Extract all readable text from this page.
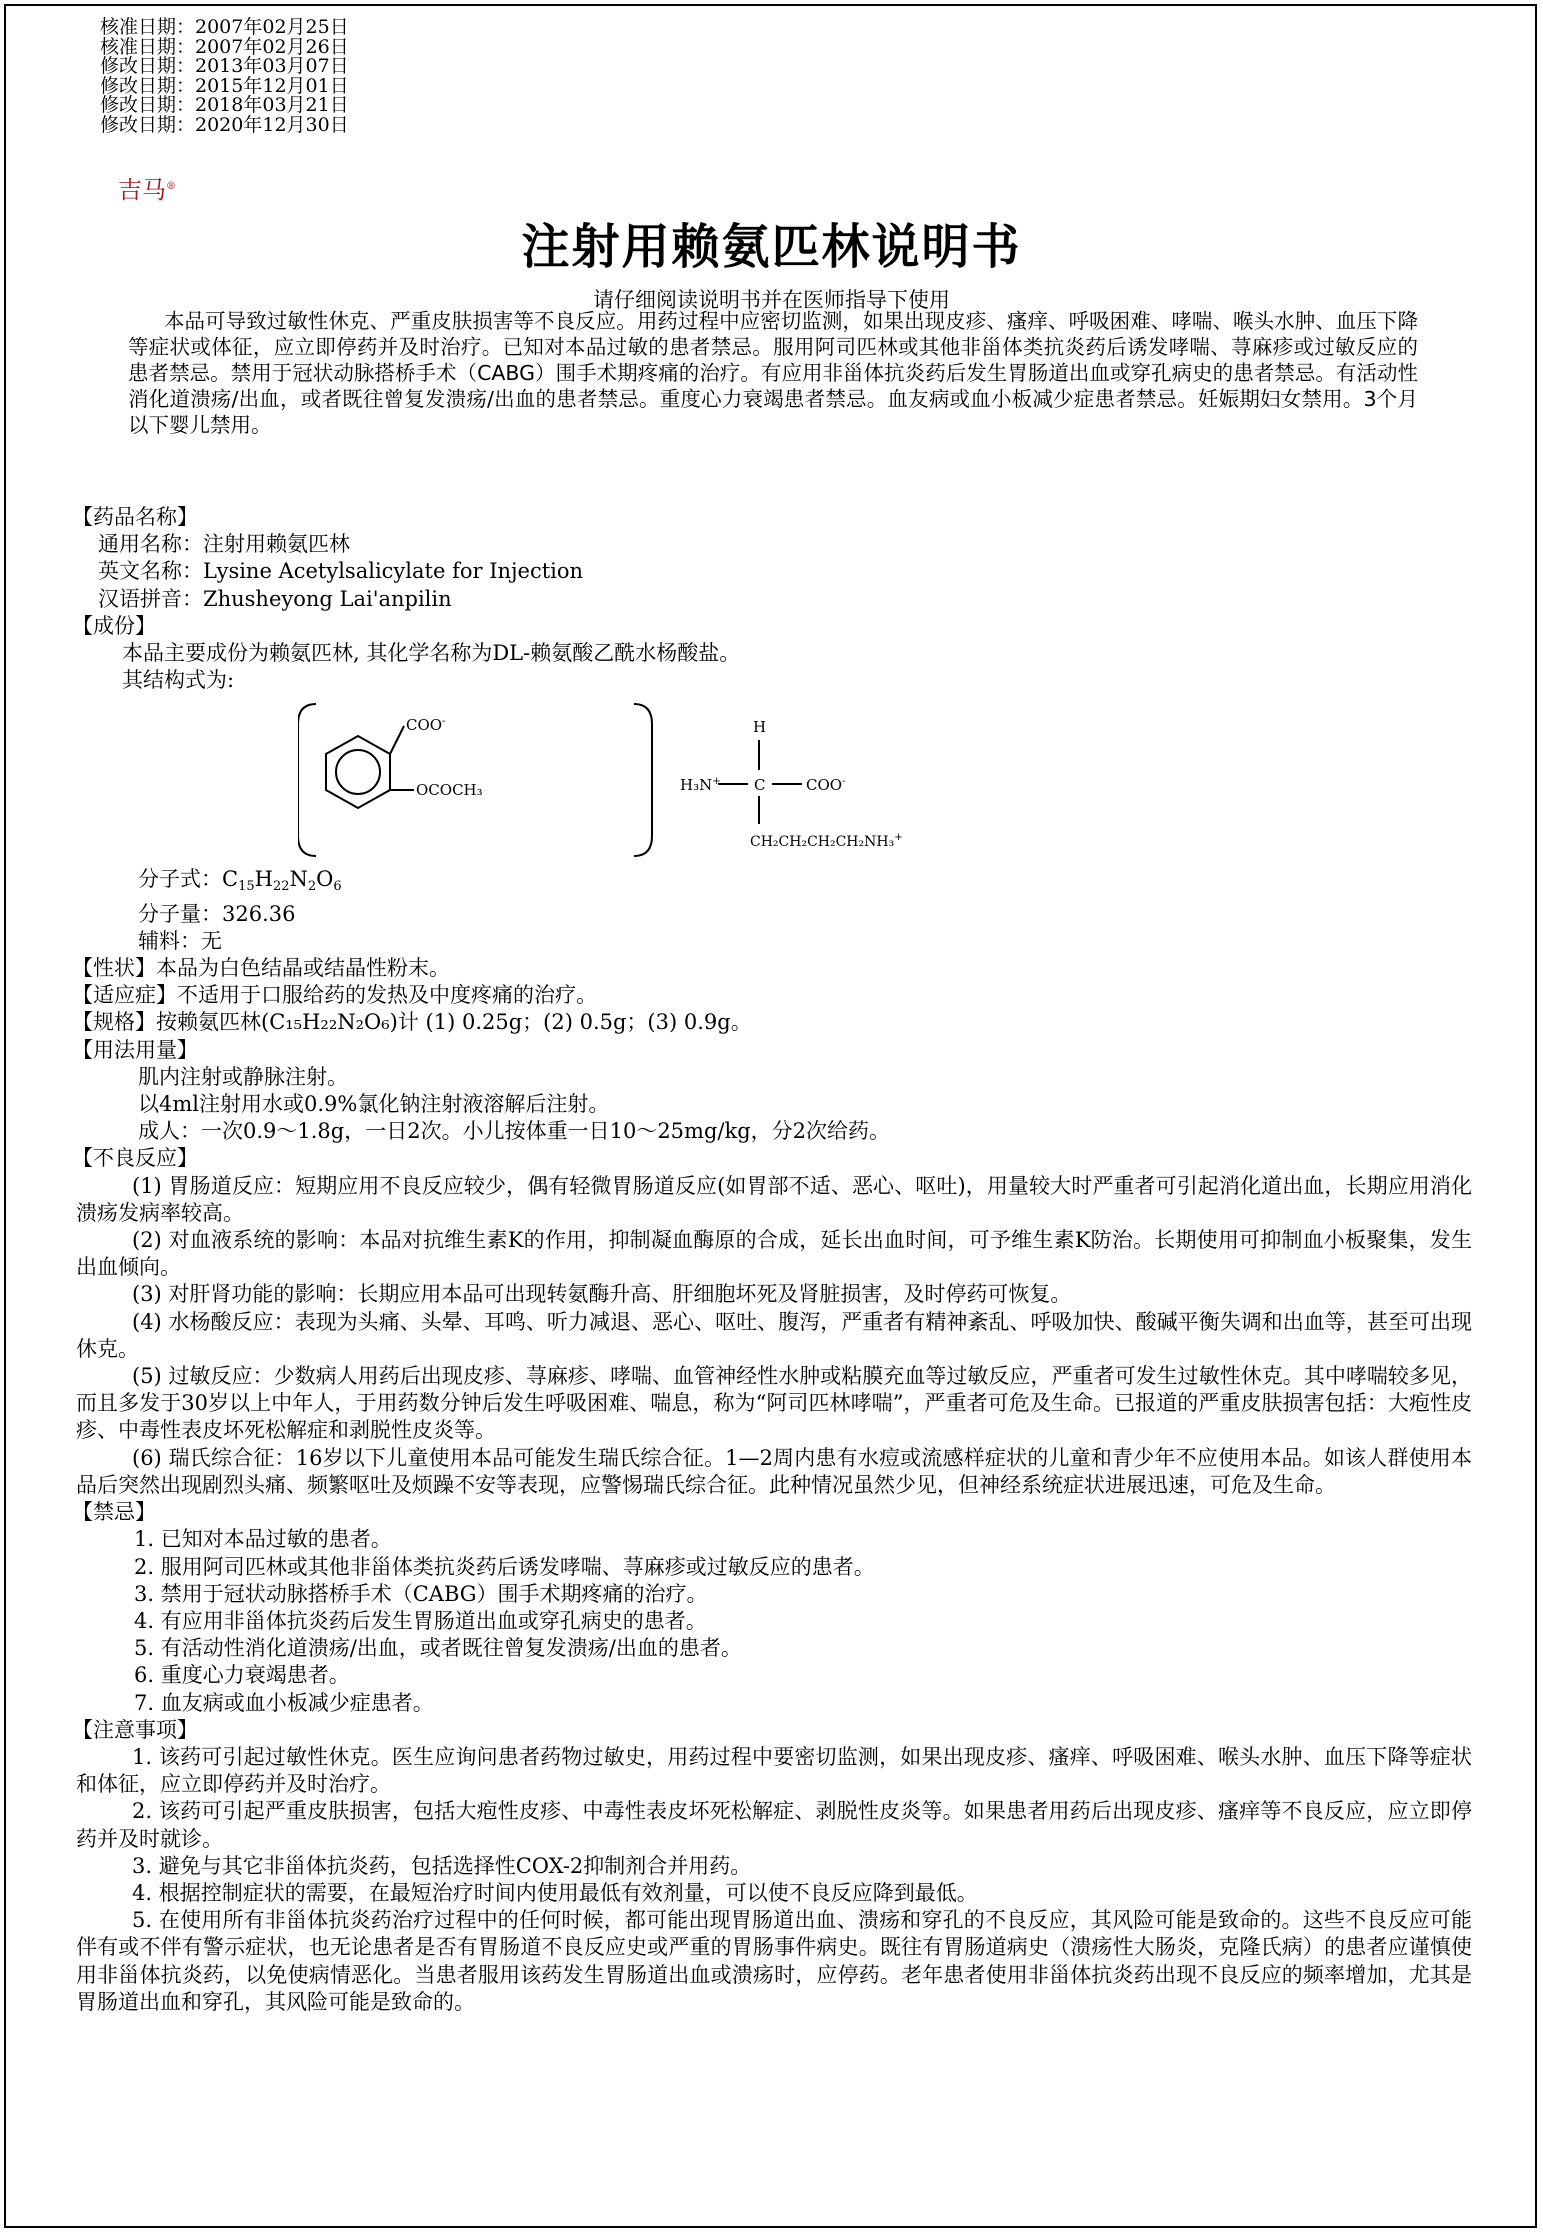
核准日期：2007年02月25日
核准日期：2007年02月26日
修改日期：2013年03月07日
修改日期：2015年12月01日
修改日期：2018年03月21日
修改日期：2020年12月30日
吉马®
注射用赖氨匹林说明书
请仔细阅读说明书并在医师指导下使用
本品可导致过敏性休克、严重皮肤损害等不良反应。用药过程中应密切监测，如果出现皮疹、瘙痒、呼吸困难、哮喘、喉头水肿、血压下降等症状或体征，应立即停药并及时治疗。已知对本品过敏的患者禁忌。服用阿司匹林或其他非甾体类抗炎药后诱发哮喘、荨麻疹或过敏反应的患者禁忌。禁用于冠状动脉搭桥手术（CABG）围手术期疼痛的治疗。有应用非甾体抗炎药后发生胃肠道出血或穿孔病史的患者禁忌。有活动性消化道溃疡/出血，或者既往曾复发溃疡/出血的患者禁忌。重度心力衰竭患者禁忌。血友病或血小板减少症患者禁忌。妊娠期妇女禁用。3个月以下婴儿禁用。
【药品名称】
通用名称：注射用赖氨匹林
英文名称：Lysine Acetylsalicylate for Injection
汉语拼音：Zhusheyong Lai'anpilin
【成份】
本品主要成份为赖氨匹林, 其化学名称为DL-赖氨酸乙酰水杨酸盐。
其结构式为:
COO-
OCOCH₃	H₃N+ C
H
COO-
CH₂CH₂CH₂CH₂NH₃+
分子式：$C_{15}H_{22}N_2O_6$
分子量：326.36
辅料：无
【性状】本品为白色结晶或结晶性粉末。
【适应症】不适用于口服给药的发热及中度疼痛的治疗。
【规格】按赖氨匹林(C₁₅H₂₂N₂O₆)计 (1) 0.25g；(2) 0.5g；(3) 0.9g。
【用法用量】
肌内注射或静脉注射。
以4ml注射用水或0.9%氯化钠注射液溶解后注射。
成人：一次0.9～1.8g，一日2次。小儿按体重一日10～25mg/kg，分2次给药。
【不良反应】
(1) 胃肠道反应：短期应用不良反应较少，偶有轻微胃肠道反应(如胃部不适、恶心、呕吐)，用量较大时严重者可引起消化道出血，长期应用消化溃疡发病率较高。
(2) 对血液系统的影响：本品对抗维生素K的作用，抑制凝血酶原的合成，延长出血时间，可予维生素K防治。长期使用可抑制血小板聚集，发生出血倾向。
(3) 对肝肾功能的影响：长期应用本品可出现转氨酶升高、肝细胞坏死及肾脏损害，及时停药可恢复。
(4) 水杨酸反应：表现为头痛、头晕、耳鸣、听力减退、恶心、呕吐、腹泻，严重者有精神紊乱、呼吸加快、酸碱平衡失调和出血等，甚至可出现休克。
(5) 过敏反应：少数病人用药后出现皮疹、荨麻疹、哮喘、血管神经性水肿或粘膜充血等过敏反应，严重者可发生过敏性休克。其中哮喘较多见，而且多发于30岁以上中年人，于用药数分钟后发生呼吸困难、喘息，称为“阿司匹林哮喘”，严重者可危及生命。已报道的严重皮肤损害包括：大疱性皮疹、中毒性表皮坏死松解症和剥脱性皮炎等。
(6) 瑞氏综合征：16岁以下儿童使用本品可能发生瑞氏综合征。1—2周内患有水痘或流感样症状的儿童和青少年不应使用本品。如该人群使用本品后突然出现剧烈头痛、频繁呕吐及烦躁不安等表现，应警惕瑞氏综合征。此种情况虽然少见，但神经系统症状进展迅速，可危及生命。
【禁忌】
1. 已知对本品过敏的患者。
2. 服用阿司匹林或其他非甾体类抗炎药后诱发哮喘、荨麻疹或过敏反应的患者。
3. 禁用于冠状动脉搭桥手术（CABG）围手术期疼痛的治疗。
4. 有应用非甾体抗炎药后发生胃肠道出血或穿孔病史的患者。
5. 有活动性消化道溃疡/出血，或者既往曾复发溃疡/出血的患者。
6. 重度心力衰竭患者。
7. 血友病或血小板减少症患者。
【注意事项】
1. 该药可引起过敏性休克。医生应询问患者药物过敏史，用药过程中要密切监测，如果出现皮疹、瘙痒、呼吸困难、喉头水肿、血压下降等症状和体征，应立即停药并及时治疗。
2. 该药可引起严重皮肤损害，包括大疱性皮疹、中毒性表皮坏死松解症、剥脱性皮炎等。如果患者用药后出现皮疹、瘙痒等不良反应，应立即停药并及时就诊。
3. 避免与其它非甾体抗炎药，包括选择性COX-2抑制剂合并用药。
4. 根据控制症状的需要，在最短治疗时间内使用最低有效剂量，可以使不良反应降到最低。
5. 在使用所有非甾体抗炎药治疗过程中的任何时候，都可能出现胃肠道出血、溃疡和穿孔的不良反应，其风险可能是致命的。这些不良反应可能伴有或不伴有警示症状，也无论患者是否有胃肠道不良反应史或严重的胃肠事件病史。既往有胃肠道病史（溃疡性大肠炎，克隆氏病）的患者应谨慎使用非甾体抗炎药，以免使病情恶化。当患者服用该药发生胃肠道出血或溃疡时，应停药。老年患者使用非甾体抗炎药出现不良反应的频率增加，尤其是胃肠道出血和穿孔，其风险可能是致命的。
